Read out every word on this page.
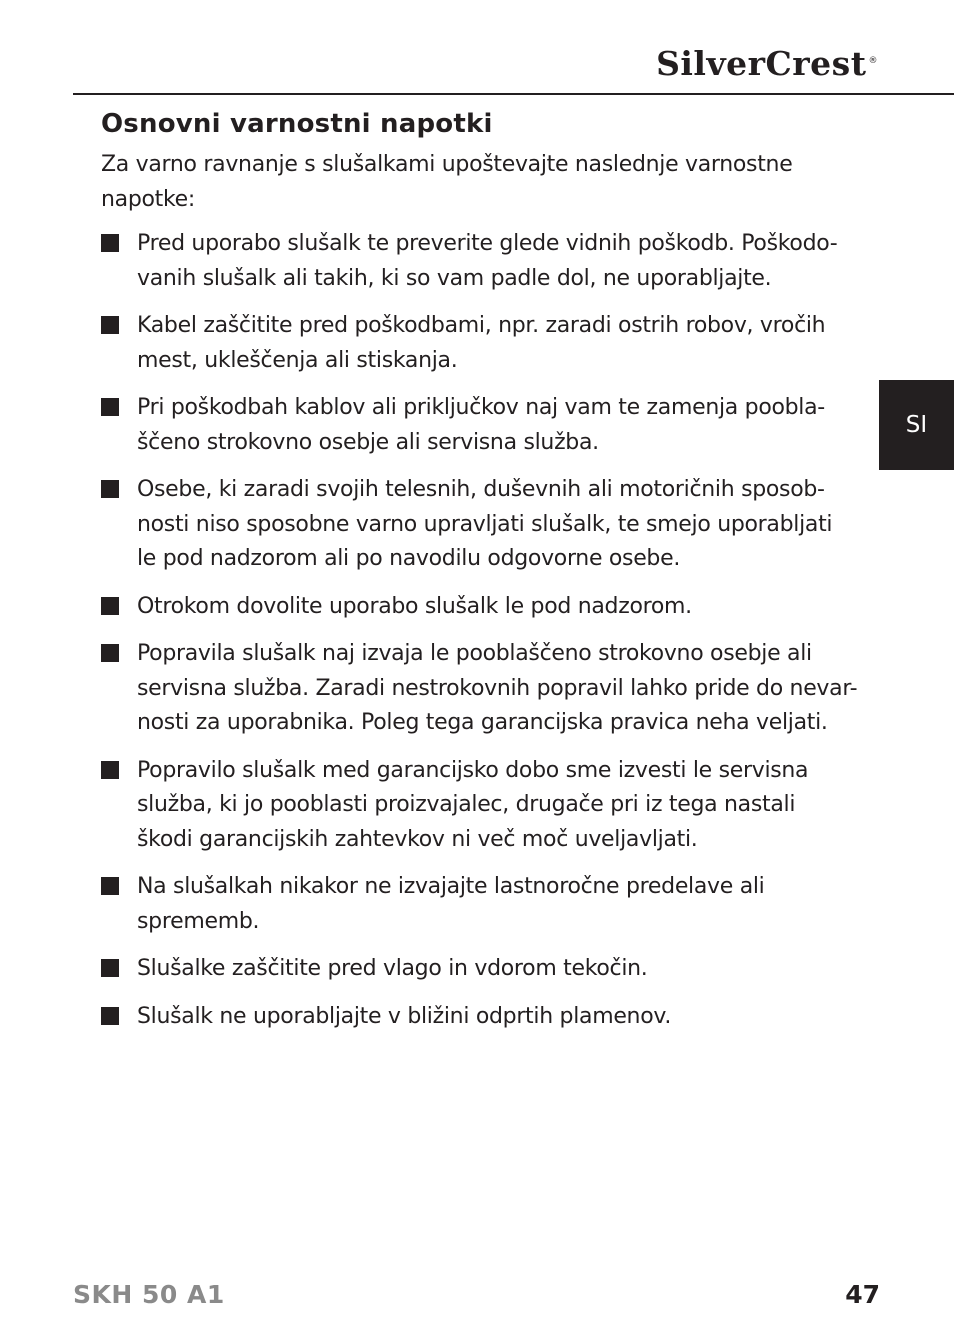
SilverCrest ®
SI
Osnovni varnostni napotki

Za varno ravnanje s slušalkami upoštevajte naslednje varnostne
napotke:

Pred uporabo slušalk te preverite glede vidnih poškodb. Poškodo-
vanih slušalk ali takih, ki so vam padle dol, ne uporabljajte.
Kabel zaščitite pred poškodbami, npr. zaradi ostrih robov, vročih
mest, ukleščenja ali stiskanja.
Pri poškodbah kablov ali priključkov naj vam te zamenja poobla-
ščeno strokovno osebje ali servisna služba.
Osebe, ki zaradi svojih telesnih, duševnih ali motoričnih sposob-
nosti niso sposobne varno upravljati slušalk, te smejo uporabljati
le pod nadzorom ali po navodilu odgovorne osebe.
Otrokom dovolite uporabo slušalk le pod nadzorom.
Popravila slušalk naj izvaja le pooblaščeno strokovno osebje ali
servisna služba. Zaradi nestrokovnih popravil lahko pride do nevar-
nosti za uporabnika. Poleg tega garancijska pravica neha veljati.
Popravilo slušalk med garancijsko dobo sme izvesti le servisna
služba, ki jo pooblasti proizvajalec, drugače pri iz tega nastali
škodi garancijskih zahtevkov ni več moč uveljavljati.
Na slušalkah nikakor ne izvajajte lastnoročne predelave ali
sprememb.
Slušalke zaščitite pred vlago in vdorom tekočin.
Slušalk ne uporabljajte v bližini odprtih plamenov.
SKH 50 A1	47
